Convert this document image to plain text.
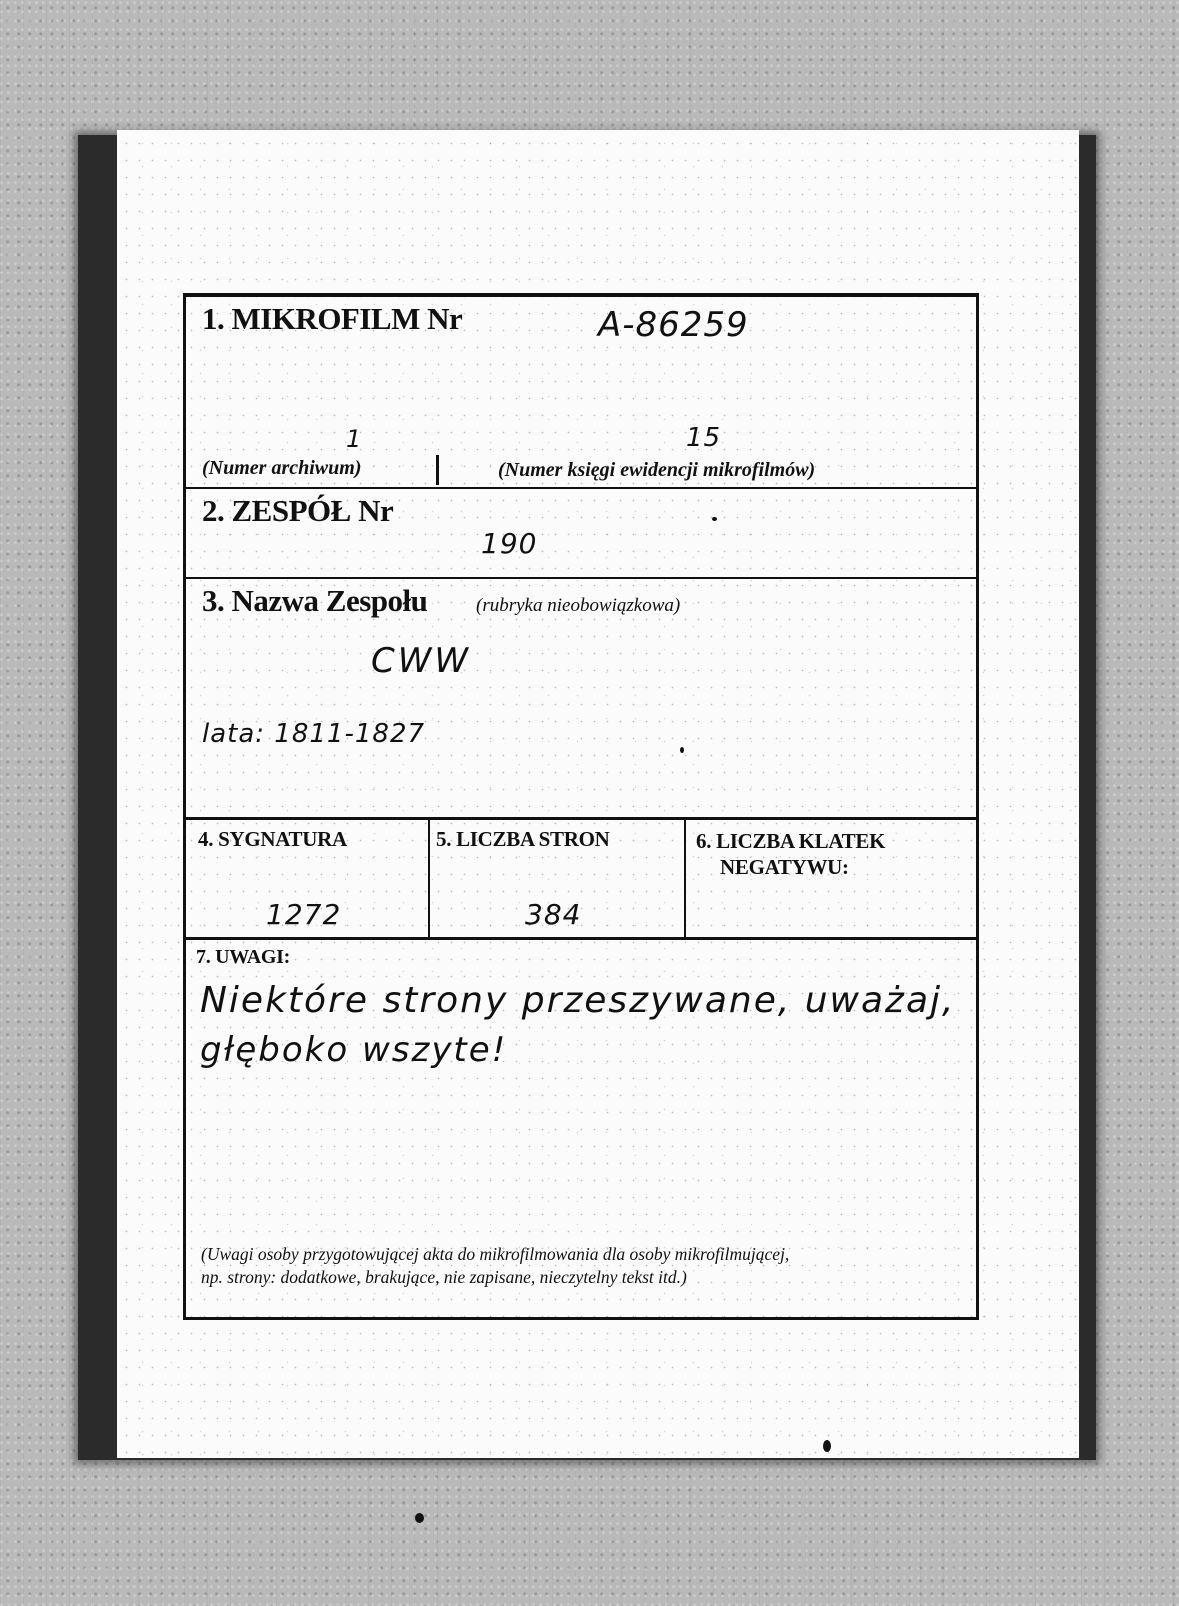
1. MIKROFILM Nr	A-86259
1
(Numer archiwum)
15
(Numer księgi ewidencji mikrofilmów)
2. ZESPÓŁ Nr
190
3. Nazwa Zespołu	(rubryka nieobowiązkowa)
CWW
lata: 1811-1827
4. SYGNATURA
1272
5. LICZBA STRON
384
6. LICZBA KLATEK
NEGATYWU:
7. UWAGI:
Niektóre strony przeszywane, uważaj,
głęboko wszyte!
(Uwagi osoby przygotowującej akta do mikrofilmowania dla osoby mikrofilmującej,
np. strony: dodatkowe, brakujące, nie zapisane, nieczytelny tekst itd.)
